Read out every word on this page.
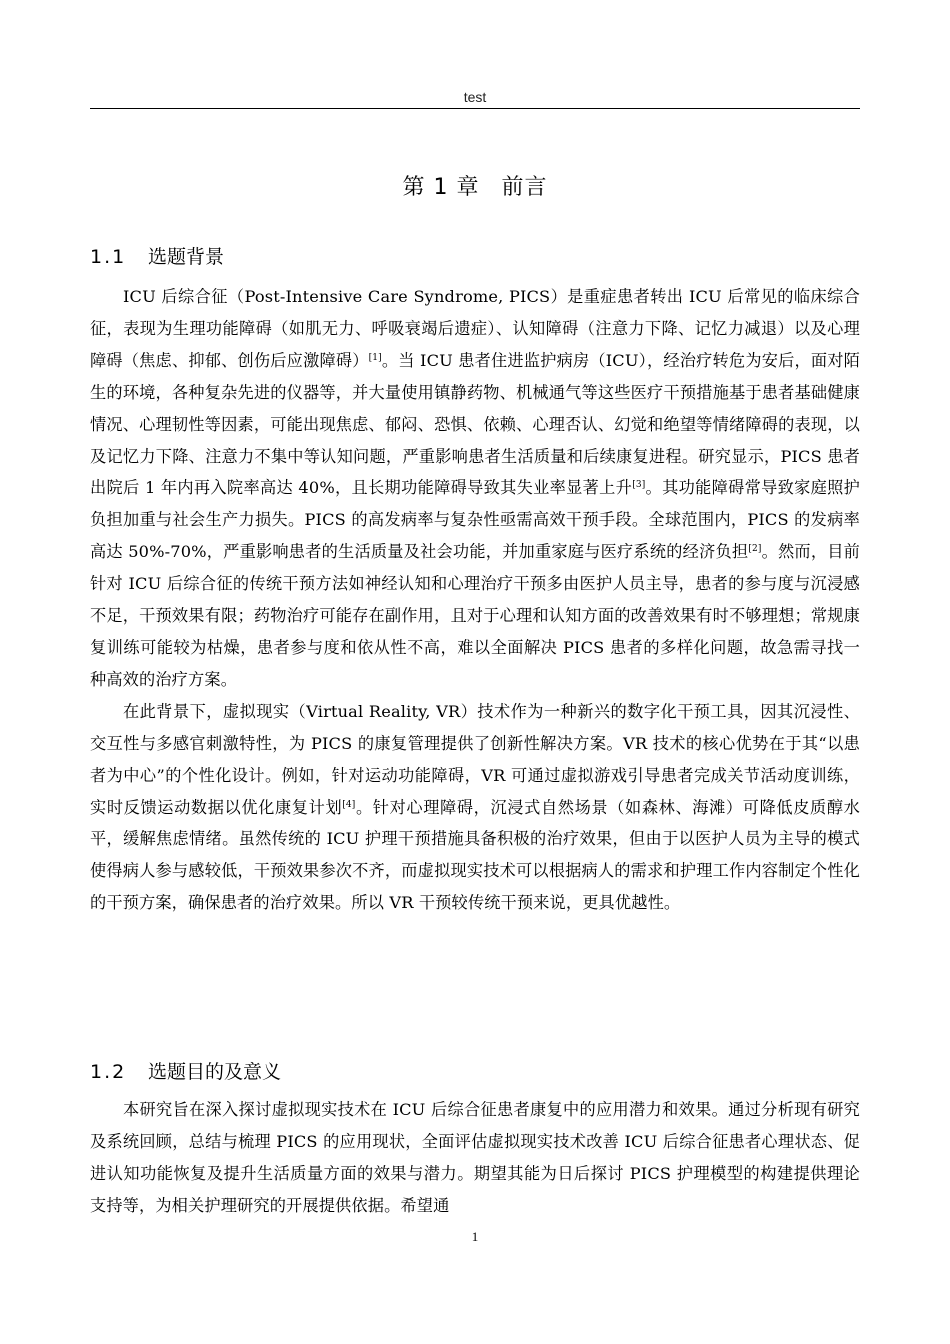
test
第 1 章 前言
1.1 选题背景

ICU 后综合征（Post-Intensive Care Syndrome, PICS）是重症患者转出 ICU 后常见的临床综合征，表现为生理功能障碍（如肌无力、呼吸衰竭后遗症）、认知障碍（注意力下降、记忆力减退）以及心理障碍（焦虑、抑郁、创伤后应激障碍）[1]。当 ICU 患者住进监护病房（ICU），经治疗转危为安后，面对陌生的环境，各种复杂先进的仪器等，并大量使用镇静药物、机械通气等这些医疗干预措施基于患者基础健康情况、心理韧性等因素，可能出现焦虑、郁闷、恐惧、依赖、心理否认、幻觉和绝望等情绪障碍的表现，以及记忆力下降、注意力不集中等认知问题，严重影响患者生活质量和后续康复进程。研究显示，PICS 患者出院后 1 年内再入院率高达 40%，且长期功能障碍导致其失业率显著上升[3]。其功能障碍常导致家庭照护负担加重与社会生产力损失。PICS 的高发病率与复杂性亟需高效干预手段。全球范围内，PICS 的发病率高达 50%-70%，严重影响患者的生活质量及社会功能，并加重家庭与医疗系统的经济负担[2]。然而，目前针对 ICU 后综合征的传统干预方法如神经认知和心理治疗干预多由医护人员主导，患者的参与度与沉浸感不足，干预效果有限；药物治疗可能存在副作用，且对于心理和认知方面的改善效果有时不够理想；常规康复训练可能较为枯燥，患者参与度和依从性不高，难以全面解决 PICS 患者的多样化问题，故急需寻找一种高效的治疗方案。

在此背景下，虚拟现实（Virtual Reality, VR）技术作为一种新兴的数字化干预工具，因其沉浸性、交互性与多感官刺激特性，为 PICS 的康复管理提供了创新性解决方案。VR 技术的核心优势在于其“以患者为中心”的个性化设计。例如，针对运动功能障碍，VR 可通过虚拟游戏引导患者完成关节活动度训练，实时反馈运动数据以优化康复计划[4]。针对心理障碍，沉浸式自然场景（如森林、海滩）可降低皮质醇水平，缓解焦虑情绪。虽然传统的 ICU 护理干预措施具备积极的治疗效果，但由于以医护人员为主导的模式使得病人参与感较低，干预效果参次不齐，而虚拟现实技术可以根据病人的需求和护理工作内容制定个性化的干预方案，确保患者的治疗效果。所以 VR 干预较传统干预来说，更具优越性。

1.2 选题目的及意义

本研究旨在深入探讨虚拟现实技术在 ICU 后综合征患者康复中的应用潜力和效果。通过分析现有研究及系统回顾，总结与梳理 PICS 的应用现状，全面评估虚拟现实技术改善 ICU 后综合征患者心理状态、促进认知功能恢复及提升生活质量方面的效果与潜力。期望其能为日后探讨 PICS 护理模型的构建提供理论支持等，为相关护理研究的开展提供依据。希望通

1
